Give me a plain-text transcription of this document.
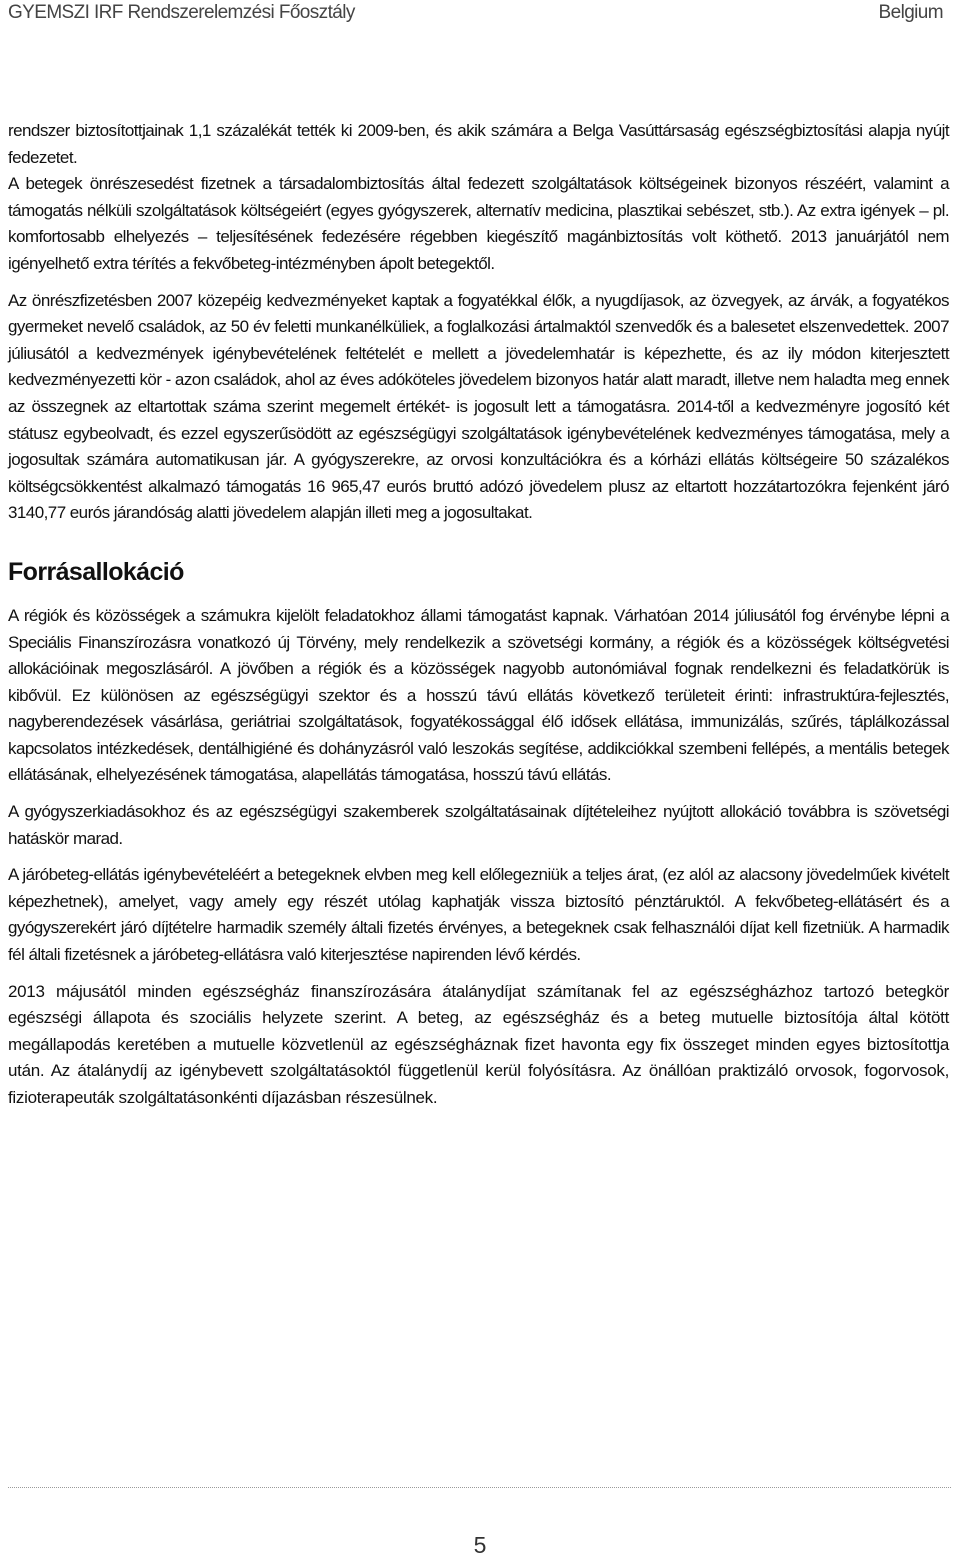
GYEMSZI IRF Rendszerelemzési Főosztály	Belgium

rendszer biztosítottjainak 1,1 százalékát tették ki 2009-ben, és akik számára a Belga Vasúttársaság egészségbiztosítási alapja nyújt fedezetet.

A betegek önrészesedést fizetnek a társadalombiztosítás által fedezett szolgáltatások költségeinek bizonyos részéért, valamint a támogatás nélküli szolgáltatások költségeiért (egyes gyógyszerek, alternatív medicina, plasztikai sebészet, stb.). Az extra igények – pl. komfortosabb elhelyezés – teljesítésének fedezésére régebben kiegészítő magánbiztosítás volt köthető. 2013 januárjától nem igényelhető extra térítés a fekvőbeteg-intézményben ápolt betegektől.

Az önrészfizetésben 2007 közepéig kedvezményeket kaptak a fogyatékkal élők, a nyugdíjasok, az özvegyek, az árvák, a fogyatékos gyermeket nevelő családok, az 50 év feletti munkanélküliek, a foglalkozási ártalmaktól szenvedők és a balesetet elszenvedettek. 2007 júliusától a kedvezmények igénybevételének feltételét e mellett a jövedelemhatár is képezhette, és az ily módon kiterjesztett kedvezményezetti kör - azon családok, ahol az éves adóköteles jövedelem bizonyos határ alatt maradt, illetve nem haladta meg ennek az összegnek az eltartottak száma szerint megemelt értékét- is jogosult lett a támogatásra. 2014-től a kedvezményre jogosító két státusz egybeolvadt, és ezzel egyszerűsödött az egészségügyi szolgáltatások igénybevételének kedvezményes támogatása, mely a jogosultak számára automatikusan jár. A gyógyszerekre, az orvosi konzultációkra és a kórházi ellátás költségeire 50 százalékos költségcsökkentést alkalmazó támogatás 16 965,47 eurós bruttó adózó jövedelem plusz az eltartott hozzátartozókra fejenként járó 3140,77 eurós járandóság alatti jövedelem alapján illeti meg a jogosultakat.

Forrásallokáció

A régiók és közösségek a számukra kijelölt feladatokhoz állami támogatást kapnak. Várhatóan 2014 júliusától fog érvénybe lépni a Speciális Finanszírozásra vonatkozó új Törvény, mely rendelkezik a szövetségi kormány, a régiók és a közösségek költségvetési allokációinak megoszlásáról. A jövőben a régiók és a közösségek nagyobb autonómiával fognak rendelkezni és feladatkörük is kibővül. Ez különösen az egészségügyi szektor és a hosszú távú ellátás következő területeit érinti: infrastruktúra-fejlesztés, nagyberendezések vásárlása, geriátriai szolgáltatások, fogyatékossággal élő idősek ellátása, immunizálás, szűrés, táplálkozással kapcsolatos intézkedések, dentálhigiéné és dohányzásról való leszokás segítése, addikciókkal szembeni fellépés, a mentális betegek ellátásának, elhelyezésének támogatása, alapellátás támogatása, hosszú távú ellátás.

A gyógyszerkiadásokhoz és az egészségügyi szakemberek szolgáltatásainak díjtételeihez nyújtott allokáció továbbra is szövetségi hatáskör marad.

A járóbeteg-ellátás igénybevételéért a betegeknek elvben meg kell előlegezniük a teljes árat, (ez alól az alacsony jövedelműek kivételt képezhetnek), amelyet, vagy amely egy részét utólag kaphatják vissza biztosító pénztáruktól. A fekvőbeteg-ellátásért és a gyógyszerekért járó díjtételre harmadik személy általi fizetés érvényes, a betegeknek csak felhasználói díjat kell fizetniük. A harmadik fél általi fizetésnek a járóbeteg-ellátásra való kiterjesztése napirenden lévő kérdés.

2013 májusától minden egészségház finanszírozására átalánydíjat számítanak fel az egészségházhoz tartozó betegkör egészségi állapota és szociális helyzete szerint. A beteg, az egészségház és a beteg mutuelle biztosítója által kötött megállapodás keretében a mutuelle közvetlenül az egészségháznak fizet havonta egy fix összeget minden egyes biztosítottja után. Az átalánydíj az igénybevett szolgáltatásoktól függetlenül kerül folyósításra. Az önállóan praktizáló orvosok, fogorvosok, fizioterapeuták szolgáltatásonkénti díjazásban részesülnek.

5
